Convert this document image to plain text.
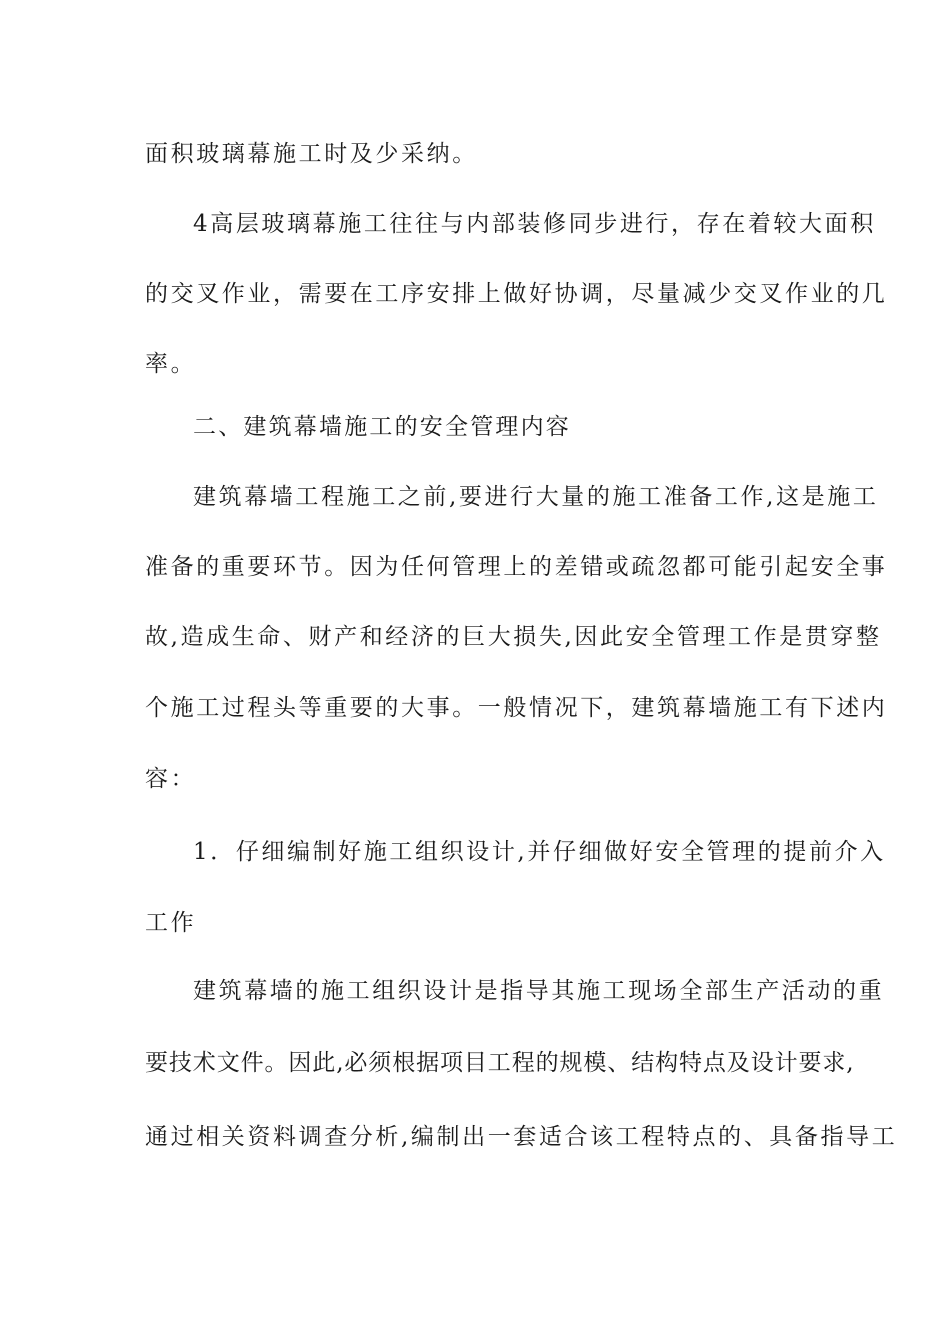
面积玻璃幕施工时及少采纳。
4高层玻璃幕施工往往与内部装修同步进行，存在着较大面积
的交叉作业，需要在工序安排上做好协调，尽量减少交叉作业的几
率。
二、建筑幕墙施工的安全管理内容
建筑幕墙工程施工之前,要进行大量的施工准备工作,这是施工
准备的重要环节。因为任何管理上的差错或疏忽都可能引起安全事
故,造成生命、财产和经济的巨大损失,因此安全管理工作是贯穿整
个施工过程头等重要的大事。一般情况下，建筑幕墙施工有下述内
容：
1．仔细编制好施工组织设计,并仔细做好安全管理的提前介入
工作
建筑幕墙的施工组织设计是指导其施工现场全部生产活动的重
要技术文件。因此,必须根据项目工程的规模、结构特点及设计要求,
通过相关资料调查分析,编制出一套适合该工程特点的、具备指导工
